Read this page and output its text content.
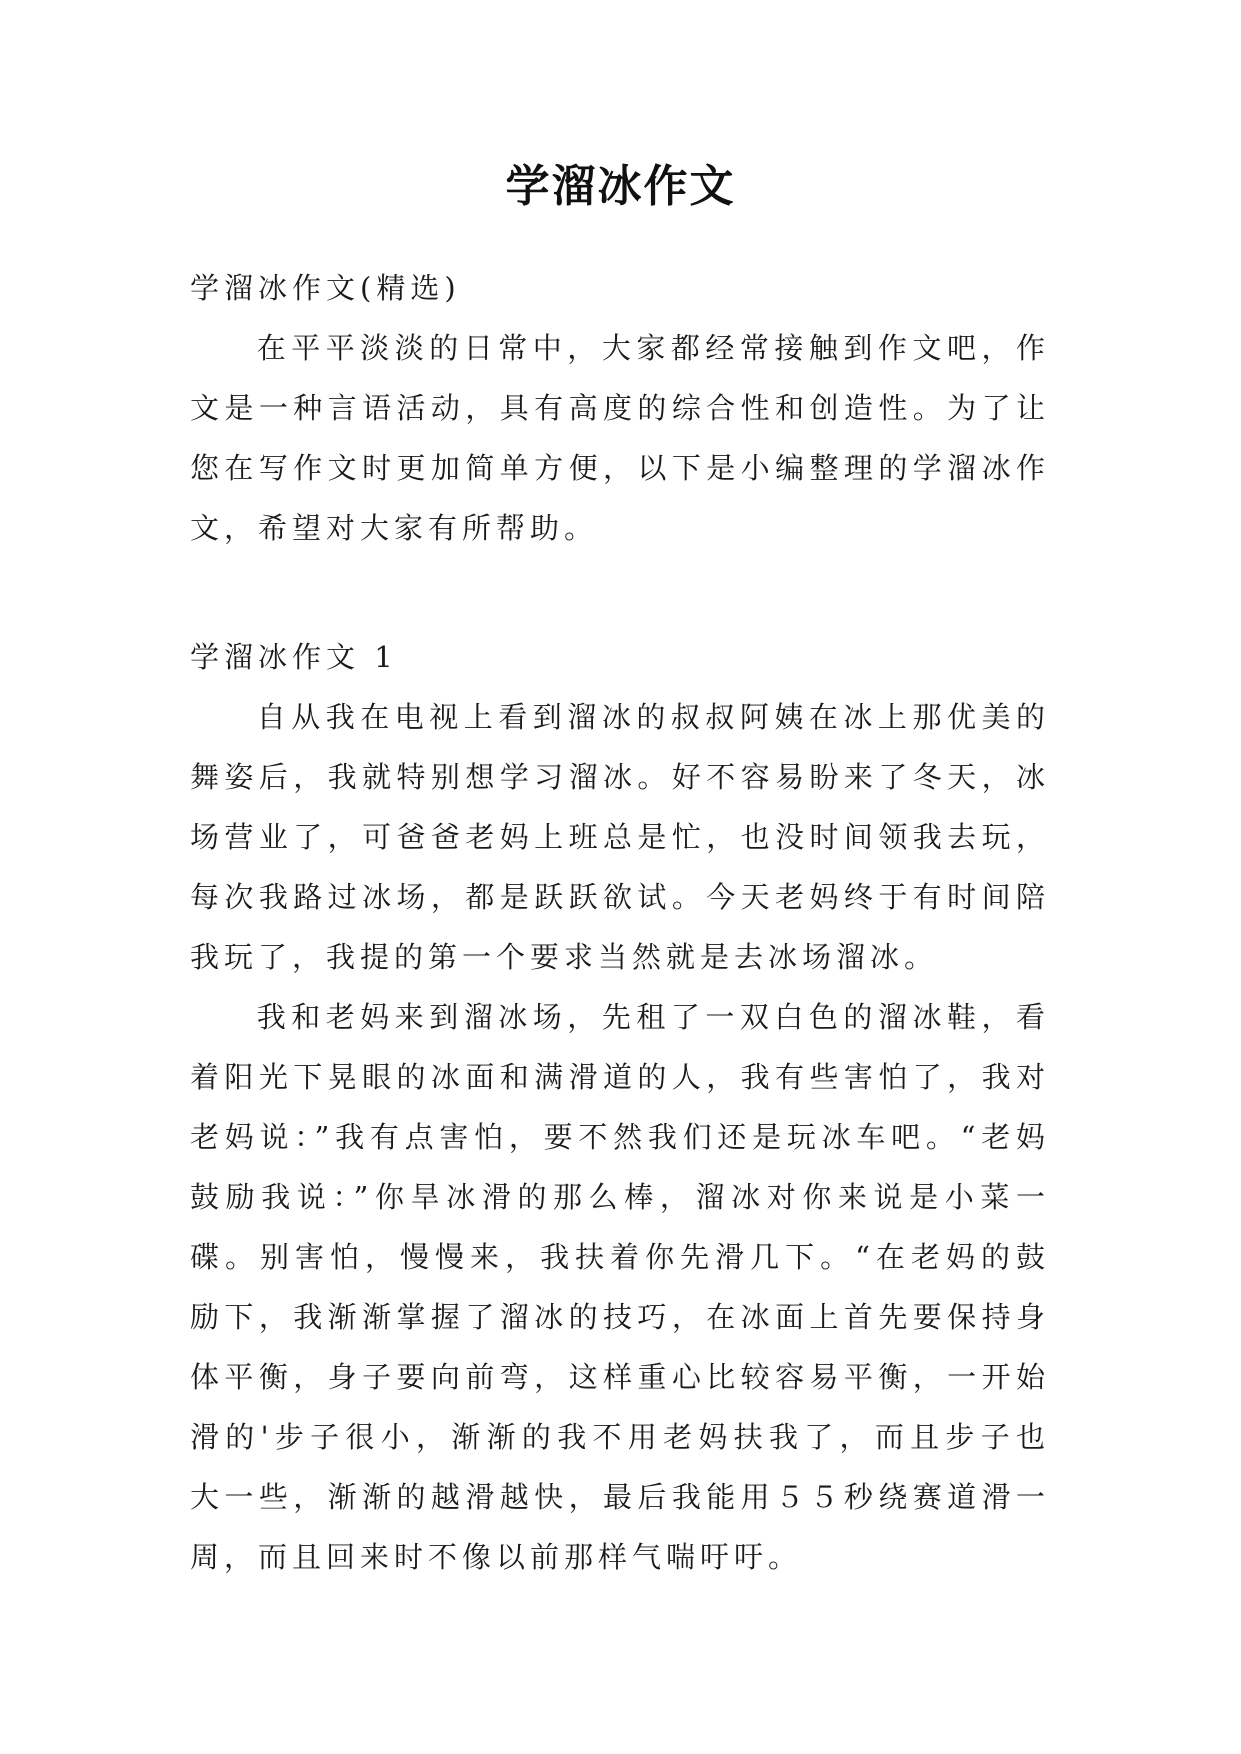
学溜冰作文

学溜冰作文(精选)

在平平淡淡的日常中，大家都经常接触到作文吧，作文是一种言语活动，具有高度的综合性和创造性。为了让您在写作文时更加简单方便，以下是小编整理的学溜冰作文，希望对大家有所帮助。

学溜冰作文 1

自从我在电视上看到溜冰的叔叔阿姨在冰上那优美的舞姿后，我就特别想学习溜冰。好不容易盼来了冬天，冰场营业了，可爸爸老妈上班总是忙，也没时间领我去玩，每次我路过冰场，都是跃跃欲试。今天老妈终于有时间陪我玩了，我提的第一个要求当然就是去冰场溜冰。

我和老妈来到溜冰场，先租了一双白色的溜冰鞋，看着阳光下晃眼的冰面和满滑道的人，我有些害怕了，我对老妈说：”我有点害怕，要不然我们还是玩冰车吧。“老妈鼓励我说：”你旱冰滑的那么棒，溜冰对你来说是小菜一碟。别害怕，慢慢来，我扶着你先滑几下。“在老妈的鼓励下，我渐渐掌握了溜冰的技巧，在冰面上首先要保持身体平衡，身子要向前弯，这样重心比较容易平衡，一开始滑的'步子很小，渐渐的我不用老妈扶我了，而且步子也大一些，渐渐的越滑越快，最后我能用５５秒绕赛道滑一周，而且回来时不像以前那样气喘吁吁。
